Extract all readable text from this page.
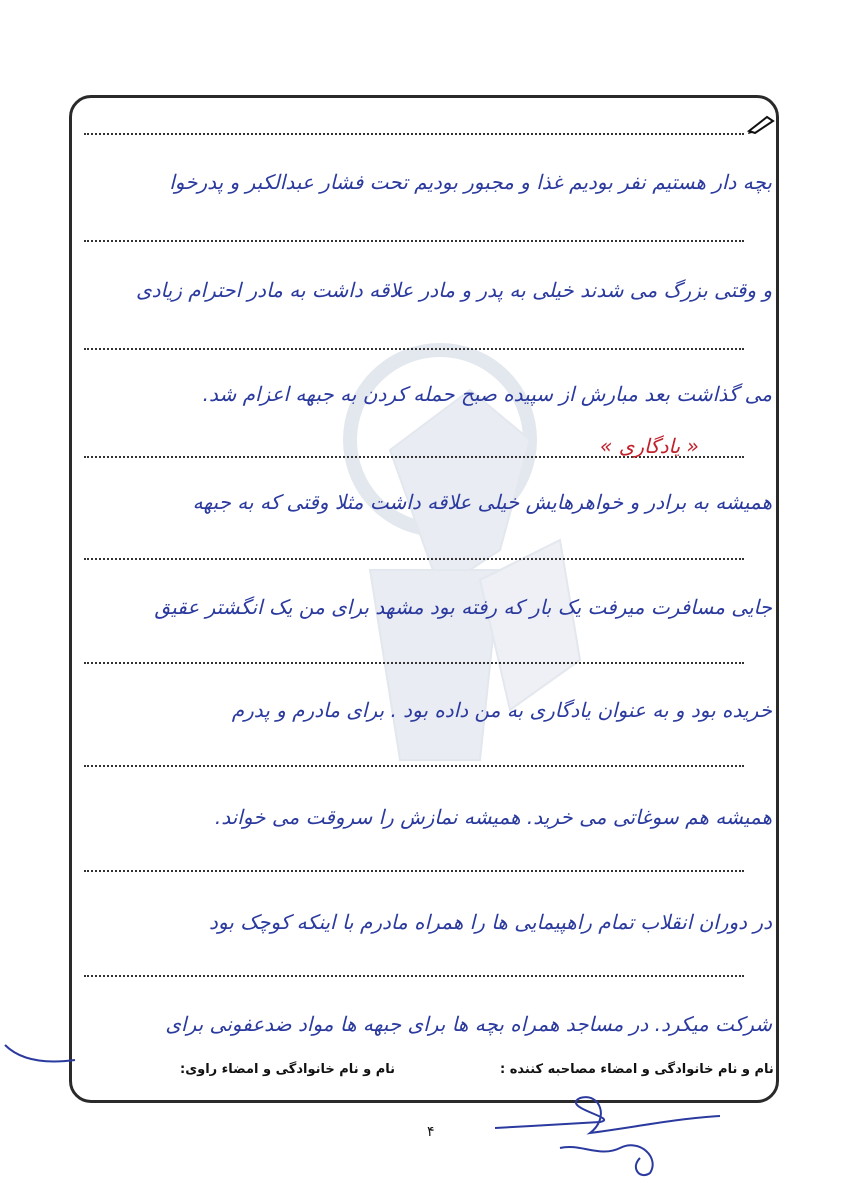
بچه دار هستیم نفر بودیم غذا و مجبور بودیم تحت فشار عبدالکبر و پدرخوا
و وقتی بزرگ می شدند خیلی به پدر و مادر علاقه داشت به مادر احترام زیادی
می گذاشت بعد مبارش از سپیده صبح حمله کردن به جبهه اعزام شد.
« یادگاری »
همیشه به برادر و خواهرهایش خیلی علاقه داشت مثلا وقتی که به جبهه
جایی مسافرت میرفت یک بار که رفته بود مشهد برای من یک انگشتر عقیق
خریده بود و به عنوان یادگاری به من داده بود . برای مادرم و پدرم
همیشه هم سوغاتی می خرید. همیشه نمازش را سروقت می خواند.
در دوران انقلاب تمام راهپیمایی ها را همراه مادرم با اینکه کوچک بود
شرکت میکرد. در مساجد همراه بچه ها برای جبهه ها مواد ضدعفونی برای
نام و نام خانوادگی و امضاء مصاحبه کننده :
نام و نام خانوادگی و امضاء راوی:
۴
